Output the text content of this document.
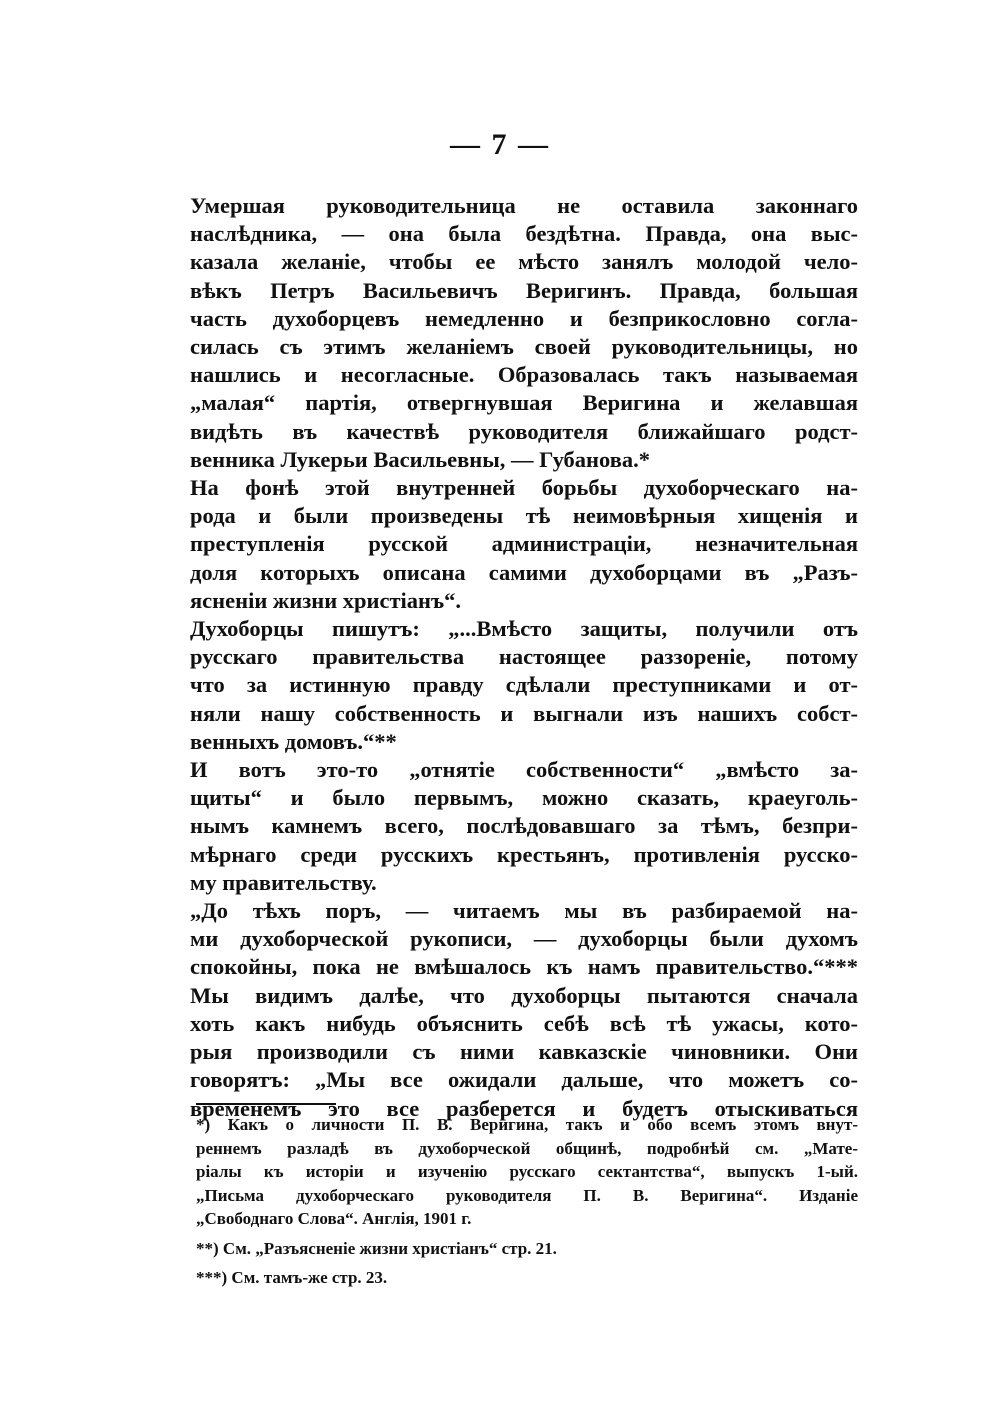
— 7 —

Умершая руководительница не оставила законнаго
наслѣдника, — она была бездѣтна. Правда, она выс-
казала желаніе, чтобы ее мѣсто занялъ молодой чело-
вѣкъ Петръ Васильевичъ Веригинъ. Правда, большая
часть духоборцевъ немедленно и безприкословно согла-
силась съ этимъ желаніемъ своей руководительницы, но
нашлись и несогласные. Образовалась такъ называемая
„малая“ партія, отвергнувшая Веригина и желавшая
видѣть въ качествѣ руководителя ближайшаго родст-
венника Лукерьи Васильевны, — Губанова.*

На фонѣ этой внутренней борьбы духоборческаго на-
рода и были произведены тѣ неимовѣрныя хищенія и
преступленія русской администраціи, незначительная
доля которыхъ описана самими духоборцами въ „Разъ-
ясненіи жизни христіанъ“.

Духоборцы пишутъ: „...Вмѣсто защиты, получили отъ
русскаго правительства настоящее раззореніе, потому
что за истинную правду сдѣлали преступниками и от-
няли нашу собственность и выгнали изъ нашихъ собст-
венныхъ домовъ.“**

И вотъ это-то „отнятіе собственности“ „вмѣсто за-
щиты“ и было первымъ, можно сказать, краеуголь-
нымъ камнемъ всего, послѣдовавшаго за тѣмъ, безпри-
мѣрнаго среди русскихъ крестьянъ, противленія русско-
му правительству.

„До тѣхъ поръ, — читаемъ мы въ разбираемой на-
ми духоборческой рукописи, — духоборцы были духомъ
спокойны, пока не вмѣшалось къ намъ правительство.“***

Мы видимъ далѣе, что духоборцы пытаются сначала
хоть какъ нибудь объяснить себѣ всѣ тѣ ужасы, кото-
рыя производили съ ними кавказскіе чиновники. Они
говорятъ: „Мы все ожидали дальше, что можетъ со-
временемъ это все разберется и будетъ отыскиваться

*) Какъ о личности П. В. Веригина, такъ и обо всемъ этомъ внут-
реннемъ разладѣ въ духоборческой общинѣ, подробнѣй см. „Мате-
ріалы къ исторіи и изученію русскаго сектантства“, выпускъ 1-ый.
„Письма духоборческаго руководителя П. В. Веригина“. Изданіе
„Свободнаго Слова“. Англія, 1901 г.
**) См. „Разъясненіе жизни христіанъ“ стр. 21.
***) См. тамъ-же стр. 23.
